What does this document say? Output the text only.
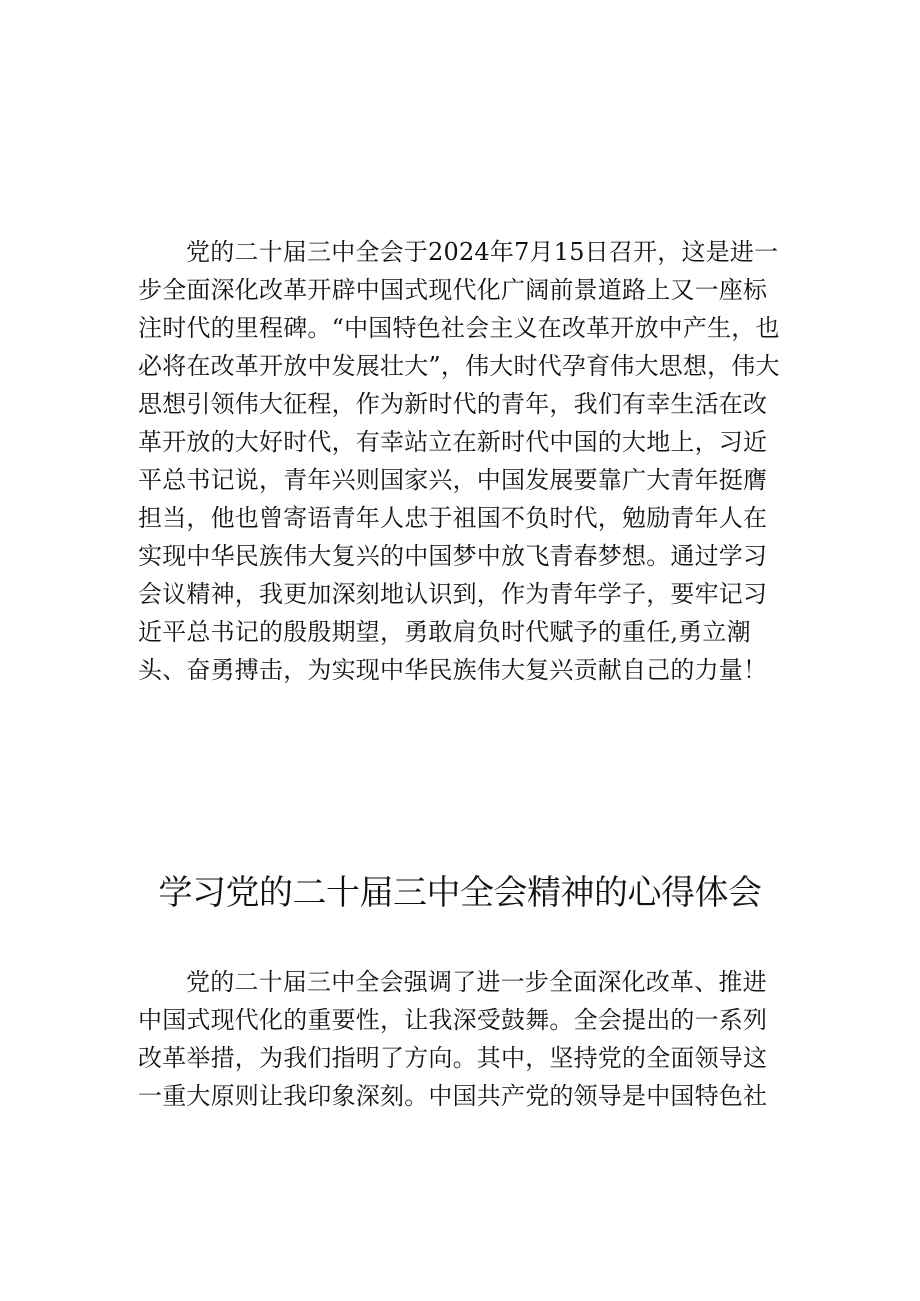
党的二十届三中全会于2024年7月15日召开，这是进一步全面深化改革开辟中国式现代化广阔前景道路上又一座标注时代的里程碑。“中国特色社会主义在改革开放中产生，也必将在改革开放中发展壮大”，伟大时代孕育伟大思想，伟大思想引领伟大征程，作为新时代的青年，我们有幸生活在改革开放的大好时代，有幸站立在新时代中国的大地上，习近平总书记说，青年兴则国家兴，中国发展要靠广大青年挺膺担当，他也曾寄语青年人忠于祖国不负时代，勉励青年人在实现中华民族伟大复兴的中国梦中放飞青春梦想。通过学习会议精神，我更加深刻地认识到，作为青年学子，要牢记习近平总书记的殷殷期望，勇敢肩负时代赋予的重任,勇立潮头、奋勇搏击，为实现中华民族伟大复兴贡献自己的力量！

学习党的二十届三中全会精神的心得体会

党的二十届三中全会强调了进一步全面深化改革、推进中国式现代化的重要性，让我深受鼓舞。全会提出的一系列改革举措，为我们指明了方向。其中，坚持党的全面领导这一重大原则让我印象深刻。中国共产党的领导是中国特色社
